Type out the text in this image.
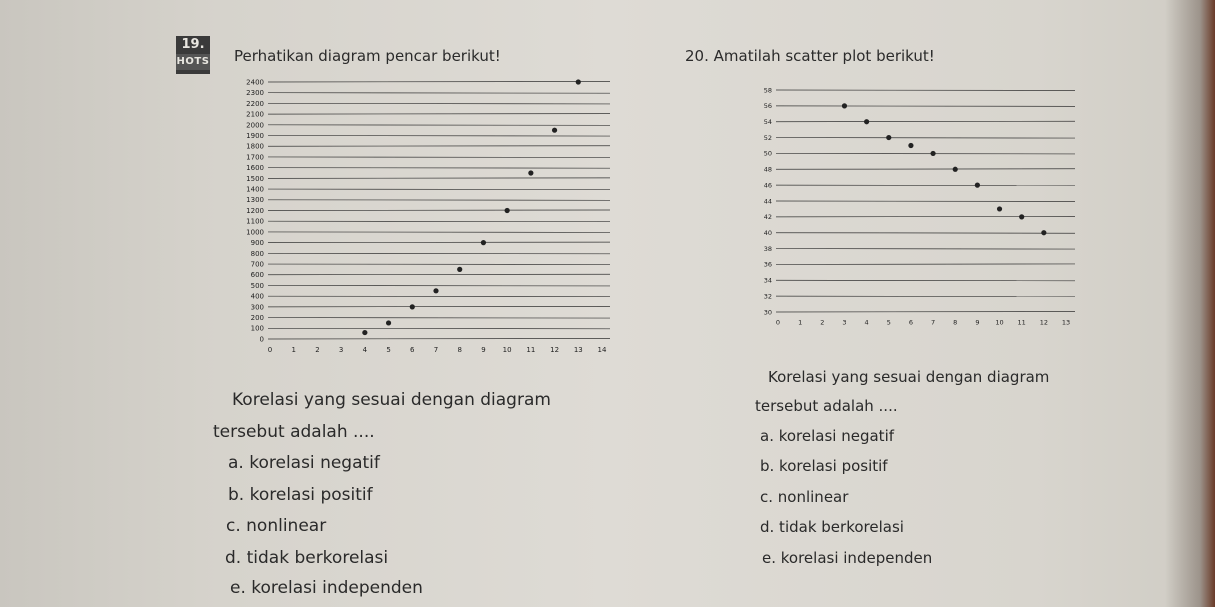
19.
HOTS Perhatikan diagram pencar berikut!	20. Amatilah scatter plot berikut!
0
100
200
300
400
500
600
700
800
900
1000
1100
1200
1300
1400
1500
1600
1700
1800
1900
2000
2100
2200
2300
2400
0	1	2	3	4	5	6	7	8	9 10 11 12 13 14
30
32
34
36
38
40
42
44
46
48
50
52
54
56
58
0	1	2	3	4	5	6	7	8	9 10 11 12 13
Korelasi yang sesuai dengan diagram
tersebut adalah ....
a. korelasi negatif
b. korelasi positif
c. nonlinear
d. tidak berkorelasi
e. korelasi independen
Korelasi yang sesuai dengan diagram
tersebut adalah ....
a. korelasi negatif
b. korelasi positif
c. nonlinear
d. tidak berkorelasi
e. korelasi independen
